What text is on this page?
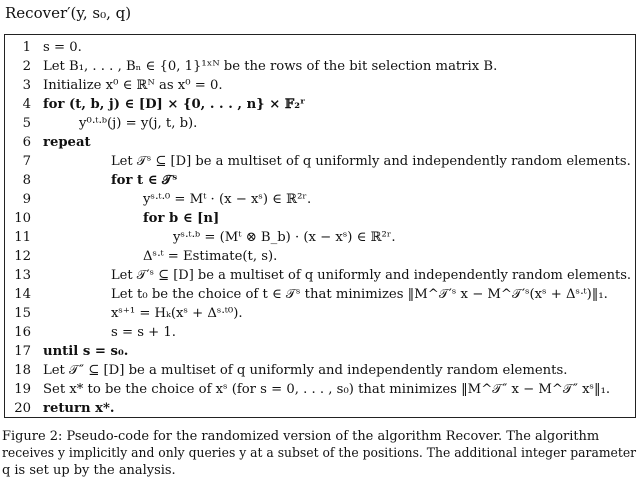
Recover′(y, s₀, q)
1 s = 0.
2 Let B₁, . . . , Bₙ ∈ {0, 1}¹ˣᴺ be the rows of the bit selection matrix B.
3 Initialize x⁰ ∈ ℝᴺ as x⁰ = 0.
4 for (t, b, j) ∈ [D] × {0, . . . , n} × 𝔽₂ʳ
5	y⁰ᐧᵗᐧᵇ(j) = y(j, t, b).
6 repeat
7	Let 𝒯ˢ ⊆ [D] be a multiset of q uniformly and independently random elements.
8	for t ∈ 𝒯ˢ
9	yˢᐧᵗᐧ⁰ = Mᵗ · (x − xˢ) ∈ ℝ²ʳ.
10	for b ∈ [n]
11	yˢᐧᵗᐧᵇ = (Mᵗ ⊗ B_b) · (x − xˢ) ∈ ℝ²ʳ.
12	Δˢᐧᵗ = Estimate(t, s).
13	Let 𝒯′ˢ ⊆ [D] be a multiset of q uniformly and independently random elements.
14	Let t₀ be the choice of t ∈ 𝒯ˢ that minimizes ‖M^𝒯′ˢ x − M^𝒯′ˢ(xˢ + Δˢᐧᵗ)‖₁.
15	xˢ⁺¹ = Hₖ(xˢ + Δˢᐧᵗ⁰).
16	s = s + 1.
17 until s = s₀.
18 Let 𝒯″ ⊆ [D] be a multiset of q uniformly and independently random elements.
19 Set x* to be the choice of xˢ (for s = 0, . . . , s₀) that minimizes ‖M^𝒯″ x − M^𝒯″ xˢ‖₁.
20 return x*.
Figure 2: Pseudo-code for the randomized version of the algorithm Recover. The algorithm
receives y implicitly and only queries y at a subset of the positions. The additional integer parameter
q is set up by the analysis.
